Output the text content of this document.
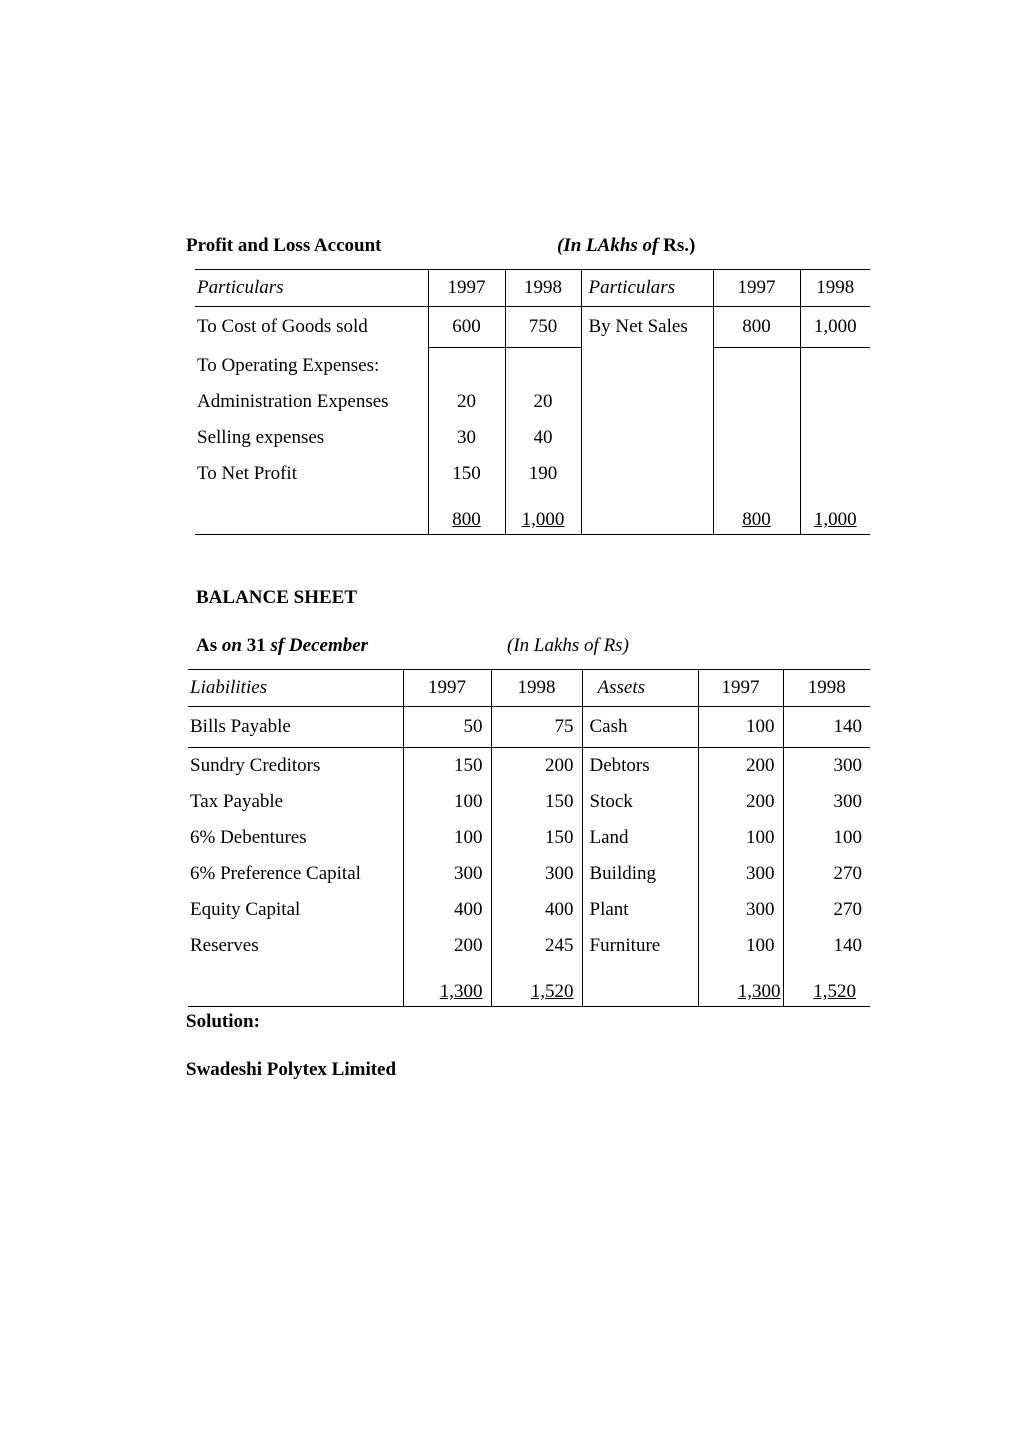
Profit and Loss Account	(In LAkhs of Rs.)
Particulars	1997	1998	Particulars	1997	1998
To Cost of Goods sold	600	750	By Net Sales	800	1,000
To Operating Expenses:					
Administration Expenses	20	20			
Selling expenses	30	40			
To Net Profit	150	190			
	800	1,000		800	1,000
BALANCE SHEET
As on 31 sf December	(In Lakhs of Rs)
Liabilities	1997	1998	Assets	1997	1998
Bills Payable	50	75	Cash	100	140
Sundry Creditors	150	200	Debtors	200	300
Tax Payable	100	150	Stock	200	300
6% Debentures	100	150	Land	100	100
6% Preference Capital	300	300	Building	300	270
Equity Capital	400	400	Plant	300	270
Reserves	200	245	Furniture	100	140
	1,300	1,520		1,300	1,520
Solution:
Swadeshi Polytex Limited
